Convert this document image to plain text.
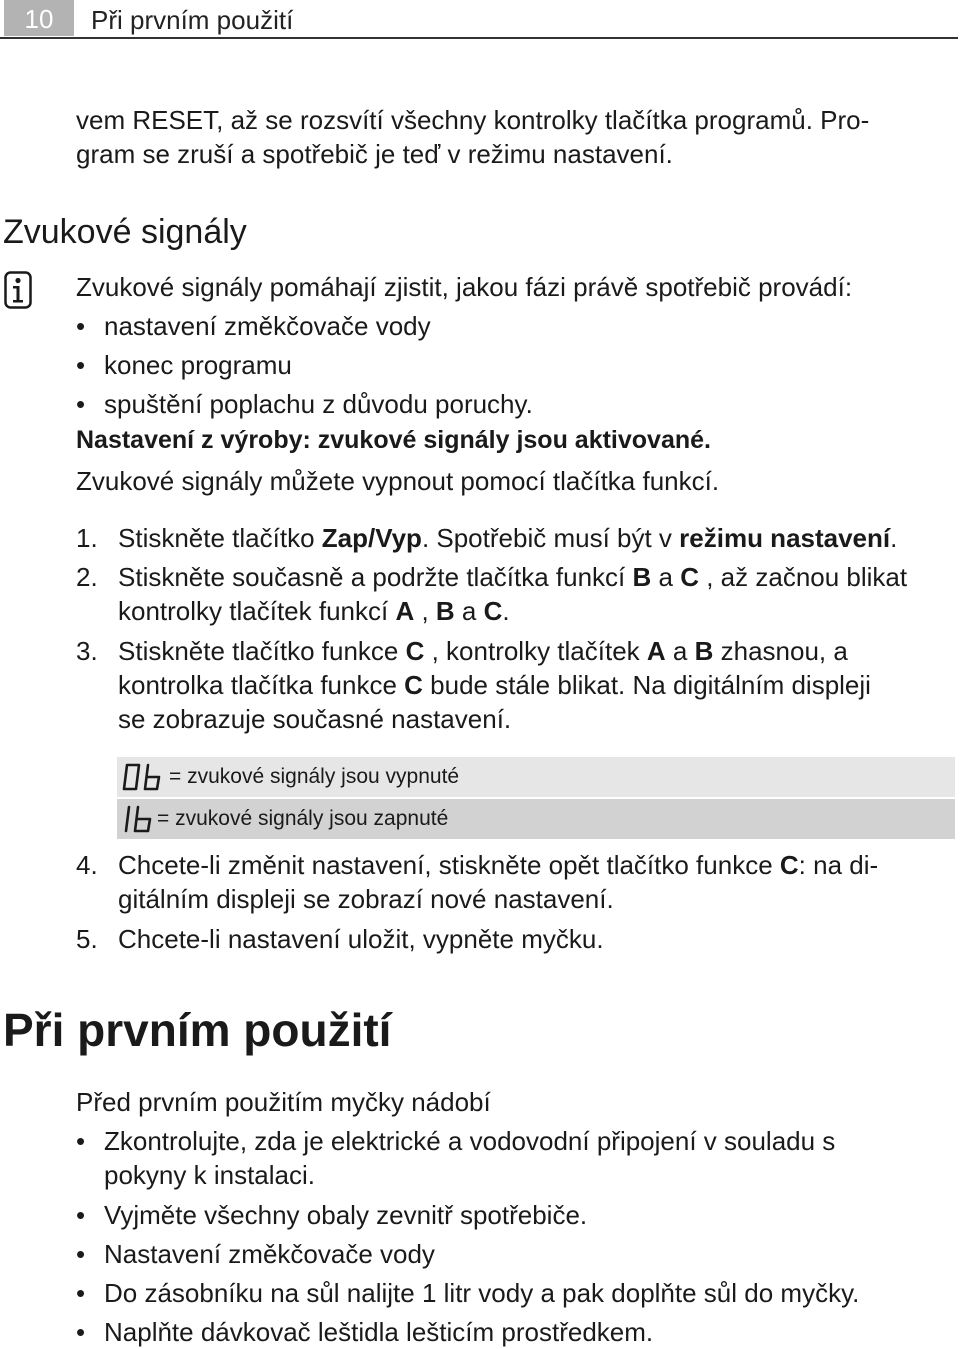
10	Při prvním použití
vem RESET, až se rozsvítí všechny kontrolky tlačítka programů. Pro-
gram se zruší a spotřebič je teď v režimu nastavení.
Zvukové signály
Zvukové signály pomáhají zjistit, jakou fázi právě spotřebič provádí:
• nastavení změkčovače vody
• konec programu
• spuštění poplachu z důvodu poruchy.
Nastavení z výroby: zvukové signály jsou aktivované.
Zvukové signály můžete vypnout pomocí tlačítka funkcí.
1. Stiskněte tlačítko Zap/Vyp. Spotřebič musí být v režimu nastavení.
2. Stiskněte současně a podržte tlačítka funkcí B a C , až začnou blikat
kontrolky tlačítek funkcí A , B a C.
3. Stiskněte tlačítko funkce C , kontrolky tlačítek A a B zhasnou, a
kontrolka tlačítka funkce C bude stále blikat. Na digitálním displeji
se zobrazuje současné nastavení.
= zvukové signály jsou vypnuté
= zvukové signály jsou zapnuté
4. Chcete-li změnit nastavení, stiskněte opět tlačítko funkce C: na di-
gitálním displeji se zobrazí nové nastavení.
5. Chcete-li nastavení uložit, vypněte myčku.
Při prvním použití
Před prvním použitím myčky nádobí
• Zkontrolujte, zda je elektrické a vodovodní připojení v souladu s
pokyny k instalaci.
• Vyjměte všechny obaly zevnitř spotřebiče.
• Nastavení změkčovače vody
• Do zásobníku na sůl nalijte 1 litr vody a pak doplňte sůl do myčky.
• Naplňte dávkovač leštidla lešticím prostředkem.
